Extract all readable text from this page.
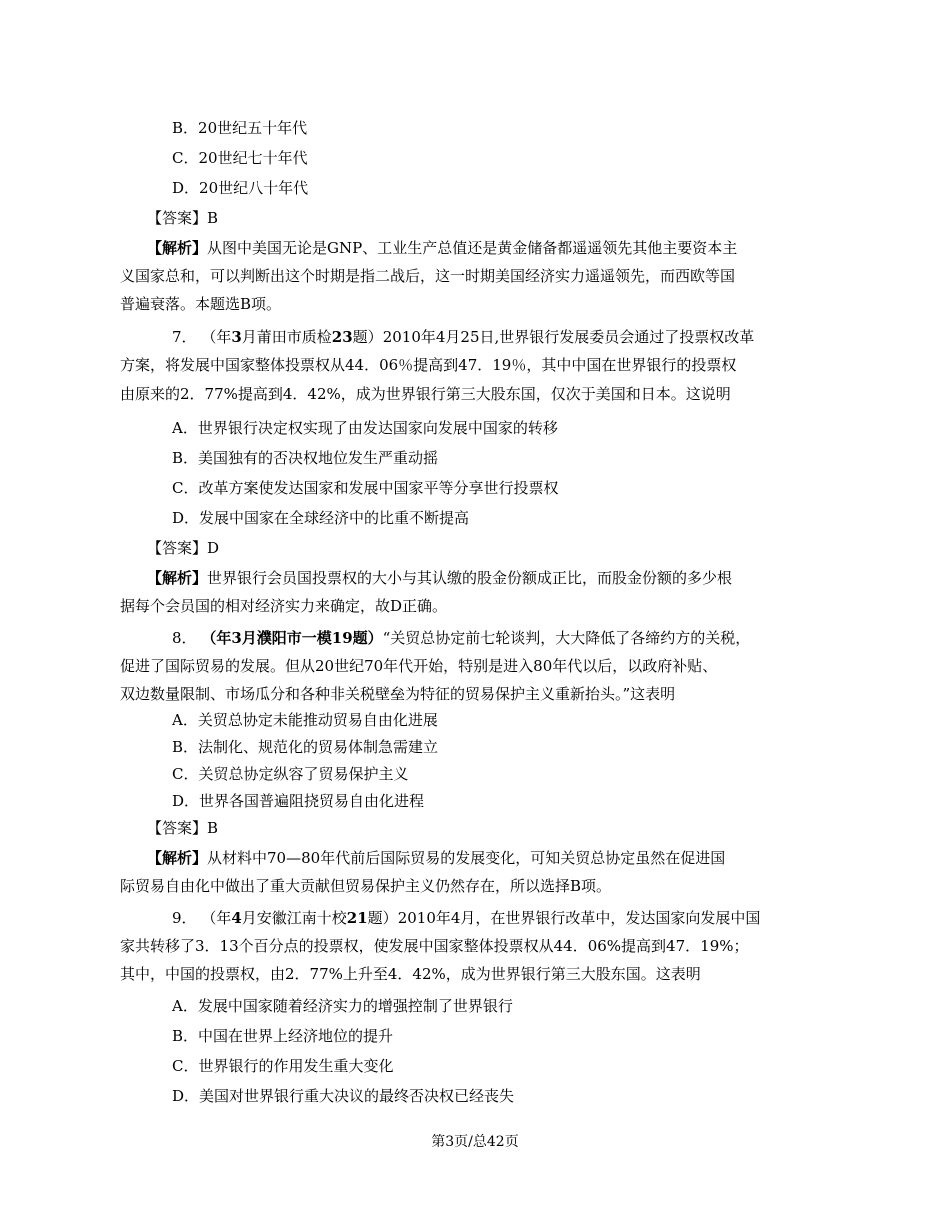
B．20世纪五十年代
C．20世纪七十年代
D．20世纪八十年代
【答案】B
【解析】从图中美国无论是GNP、工业生产总值还是黄金储备都遥遥领先其他主要资本主
义国家总和，可以判断出这个时期是指二战后，这一时期美国经济实力遥遥领先，而西欧等国
普遍衰落。本题选B项。
7． （年3月莆田市质检23题）2010年4月25日,世界银行发展委员会通过了投票权改革
方案，将发展中国家整体投票权从44．06％提高到47．19％，其中中国在世界银行的投票权
由原来的2．77%提高到4．42%，成为世界银行第三大股东国，仅次于美国和日本。这说明
A．世界银行决定权实现了由发达国家向发展中国家的转移
B．美国独有的否决权地位发生严重动摇
C．改革方案使发达国家和发展中国家平等分享世行投票权
D．发展中国家在全球经济中的比重不断提高
【答案】D
【解析】世界银行会员国投票权的大小与其认缴的股金份额成正比，而股金份额的多少根
据每个会员国的相对经济实力来确定，故D正确。
8． （年3月濮阳市一模19题）“关贸总协定前七轮谈判，大大降低了各缔约方的关税，
促进了国际贸易的发展。但从20世纪70年代开始，特别是进入80年代以后，以政府补贴、
双边数量限制、市场瓜分和各种非关税壁垒为特征的贸易保护主义重新抬头。”这表明
A．关贸总协定未能推动贸易自由化进展
B．法制化、规范化的贸易体制急需建立
C．关贸总协定纵容了贸易保护主义
D．世界各国普遍阻挠贸易自由化进程
【答案】B
【解析】从材料中70—80年代前后国际贸易的发展变化，可知关贸总协定虽然在促进国
际贸易自由化中做出了重大贡献但贸易保护主义仍然存在，所以选择B项。
9． （年4月安徽江南十校21题）2010年4月，在世界银行改革中，发达国家向发展中国
家共转移了3．13个百分点的投票权，使发展中国家整体投票权从44．06%提高到47．19%；
其中，中国的投票权，由2．77%上升至4．42%，成为世界银行第三大股东国。这表明
A．发展中国家随着经济实力的增强控制了世界银行
B．中国在世界上经济地位的提升
C．世界银行的作用发生重大变化
D．美国对世界银行重大决议的最终否决权已经丧失
第3页/总42页
